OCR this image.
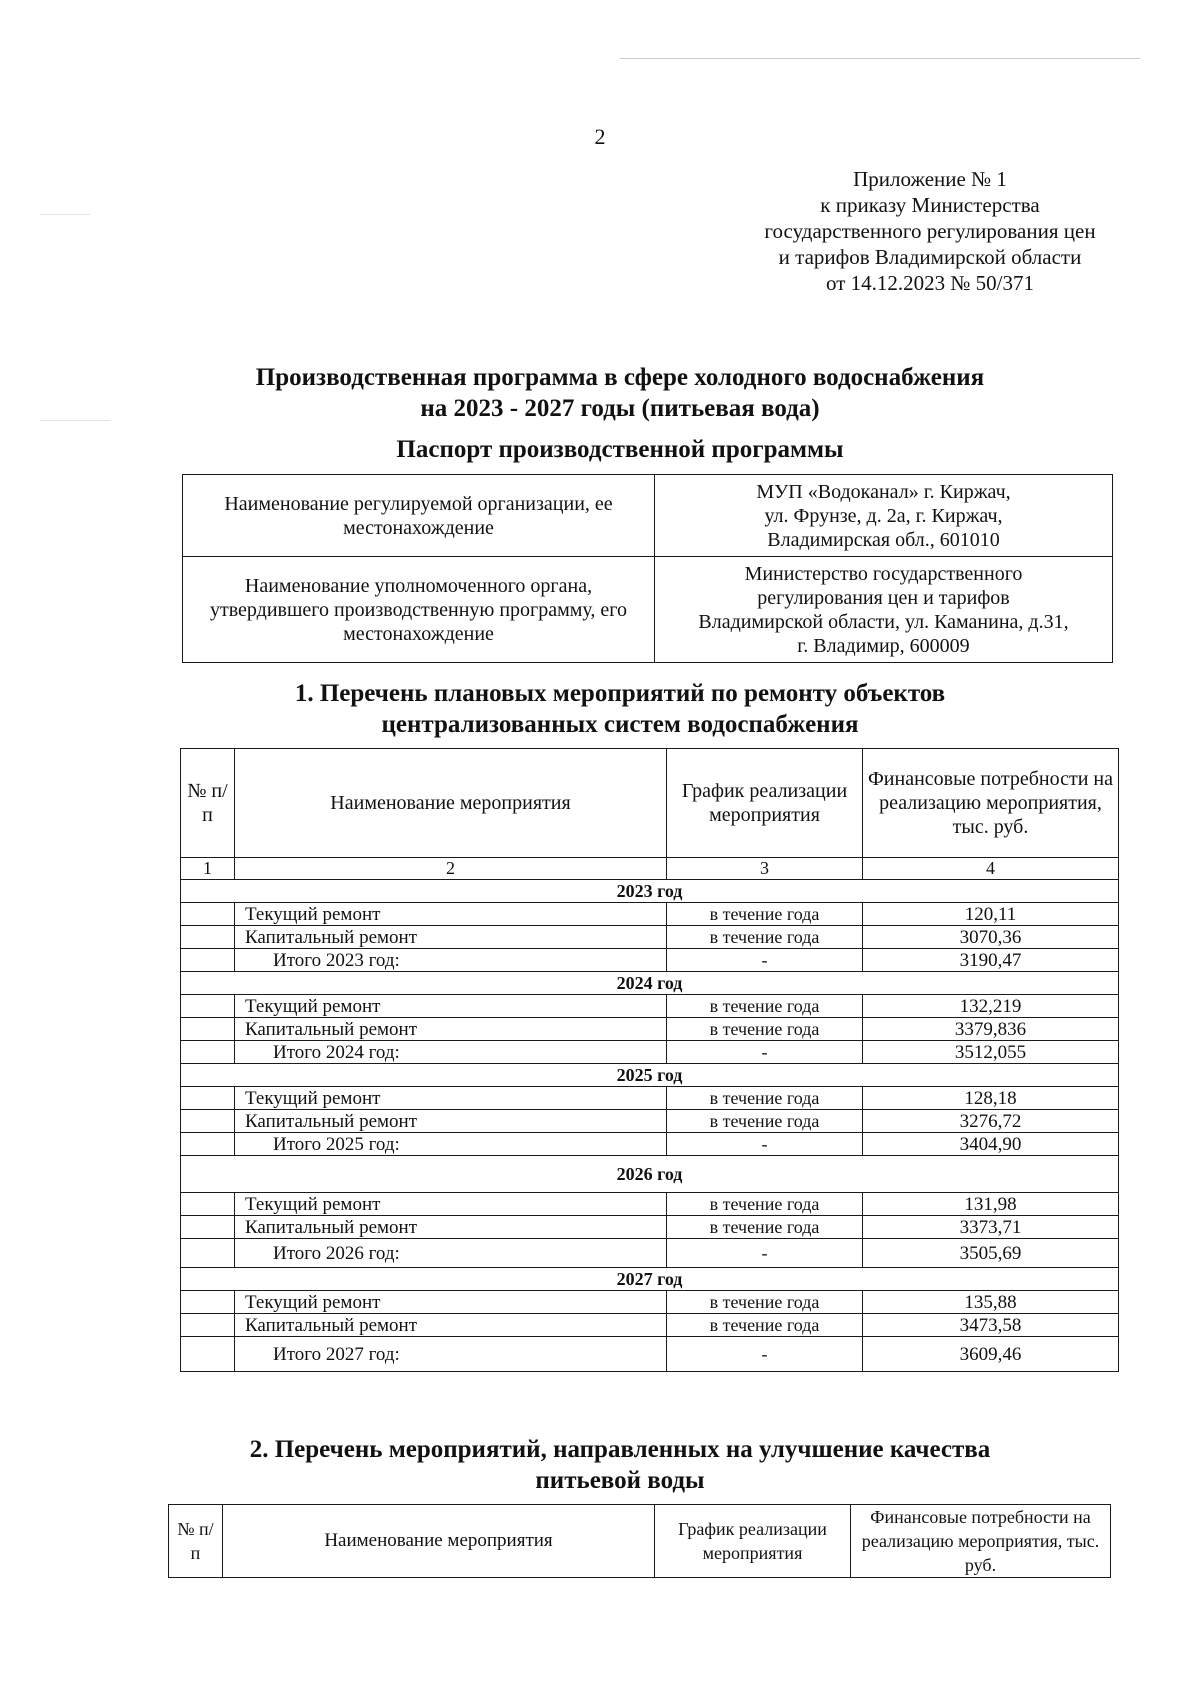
2
Приложение № 1
к приказу Министерства
государственного регулирования цен
и тарифов Владимирской области
от 14.12.2023 № 50/371
Производственная программа в сфере холодного водоснабжения
на 2023 - 2027 годы (питьевая вода)
Паспорт производственной программы
Наименование регулируемой организации, ее местонахождение	МУП «Водоканал» г. Киржач,
ул. Фрунзе, д. 2а, г. Киржач,
Владимирская обл., 601010

Наименование уполномоченного органа, утвердившего производственную программу, его местонахождение	Министерство государственного
регулирования цен и тарифов
Владимирской области, ул. Каманина, д.31,
г. Владимир, 600009
1. Перечень плановых мероприятий по ремонту объектов
централизованных систем водоспабжения
№ п/п	Наименование мероприятия	График реализации мероприятия	Финансовые потребности на реализацию мероприятия, тыс. руб.
1	2	3	4
2023 год			
	Текущий ремонт	в течение года	120,11
	Капитальный ремонт	в течение года	3070,36
	Итого 2023 год:	-	3190,47
2024 год			
	Текущий ремонт	в течение года	132,219
	Капитальный ремонт	в течение года	3379,836
	Итого 2024 год:	-	3512,055
2025 год			
	Текущий ремонт	в течение года	128,18
	Капитальный ремонт	в течение года	3276,72
	Итого 2025 год:	-	3404,90
2026 год			
	Текущий ремонт	в течение года	131,98
	Капитальный ремонт	в течение года	3373,71
	Итого 2026 год:	-	3505,69
2027 год			
	Текущий ремонт	в течение года	135,88
	Капитальный ремонт	в течение года	3473,58
	Итого 2027 год:	-	3609,46
2. Перечень мероприятий, направленных на улучшение качества
питьевой воды
№ п/п	Наименование мероприятия	График реализации мероприятия	Финансовые потребности на реализацию мероприятия, тыс. руб.
